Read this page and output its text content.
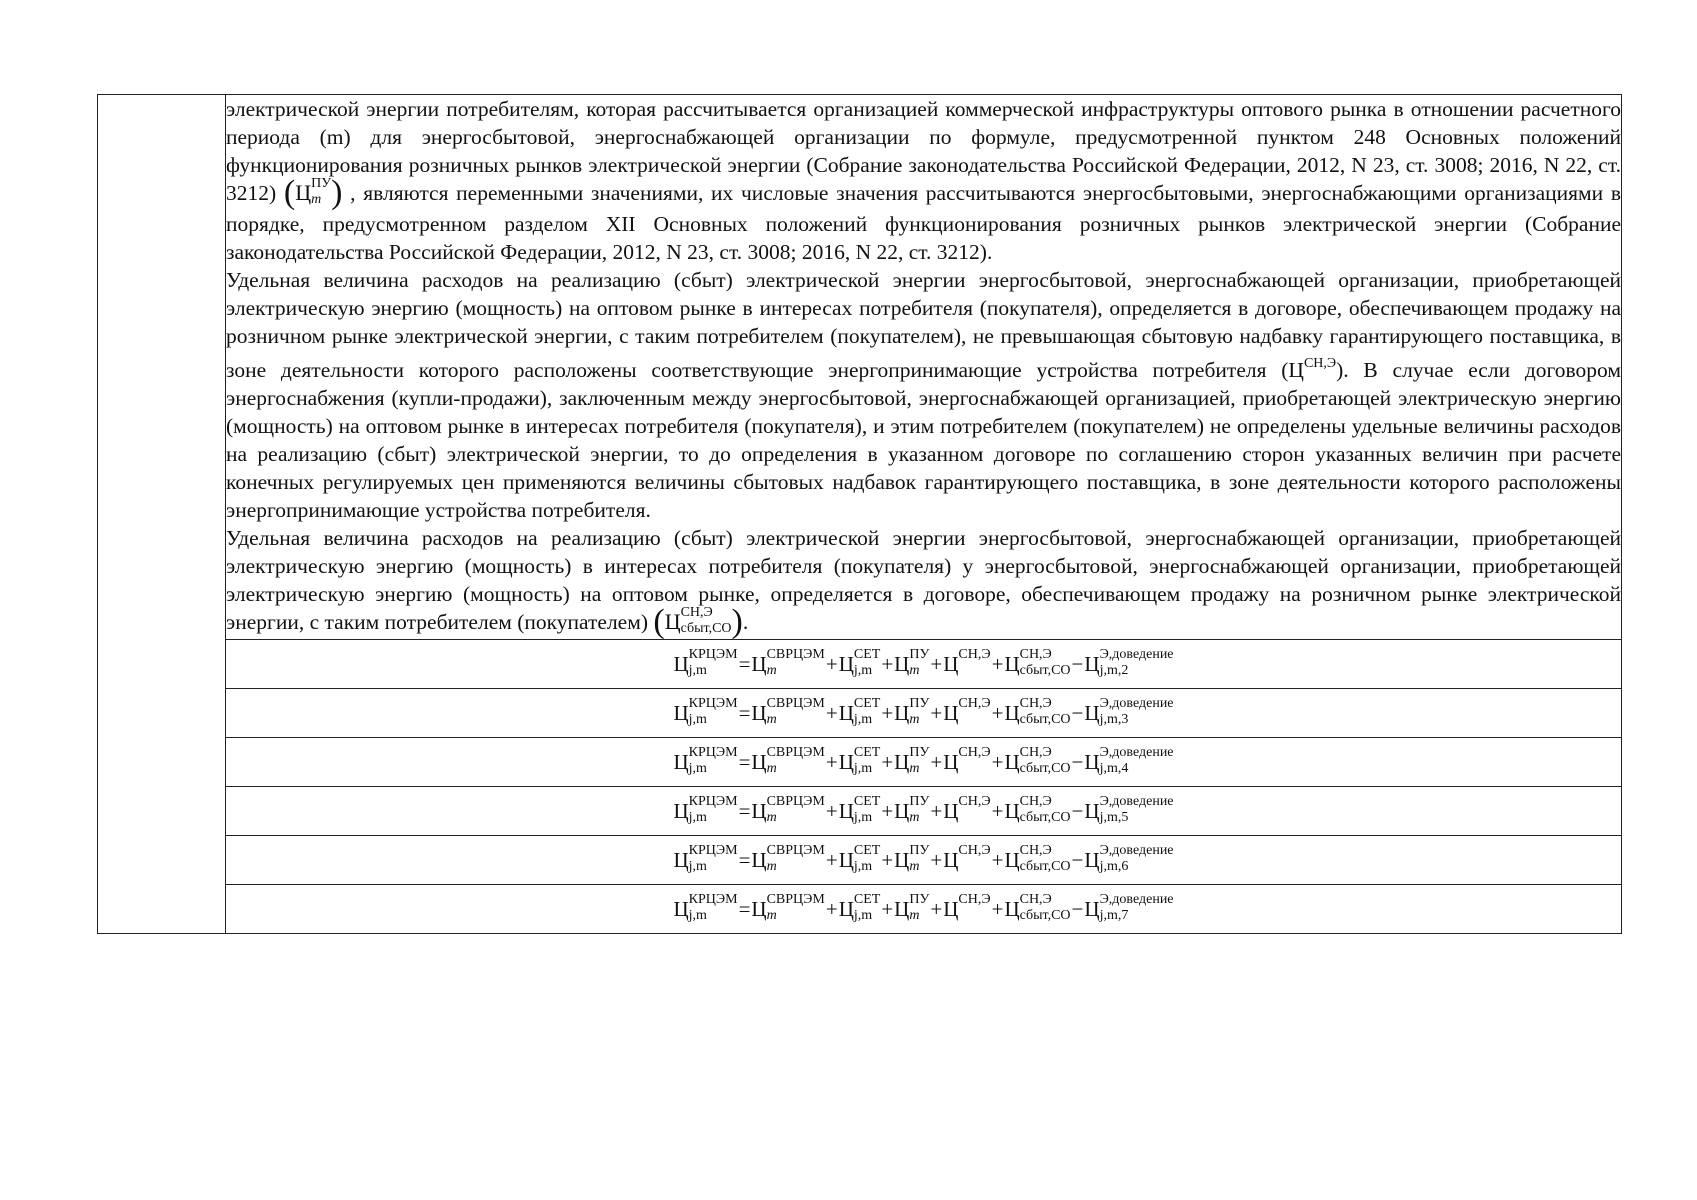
электрической энергии потребителям, которая рассчитывается организацией коммерческой инфраструктуры оптового рынка в отношении расчетного периода (m) для энергосбытовой, энергоснабжающей организации по формуле, предусмотренной пунктом 248 Основных положений функционирования розничных рынков электрической энергии (Собрание законодательства Российской Федерации, 2012, N 23, ст. 3008; 2016, N 22, ст. 3212) (Ц ПУ
m ) , являются переменными значениями, их числовые значения рассчитываются энергосбытовыми, энергоснабжающими организациями в порядке, предусмотренном разделом XII Основных положений функционирования розничных рынков электрической энергии (Собрание законодательства Российской Федерации, 2012, N 23, ст. 3008; 2016, N 22, ст. 3212).

Удельная величина расходов на реализацию (сбыт) электрической энергии энергосбытовой, энергоснабжающей организации, приобретающей электрическую энергию (мощность) на оптовом рынке в интересах потребителя (покупателя), определяется в договоре, обеспечивающем продажу на розничном рынке электрической энергии, с таким потребителем (покупателем), не превышающая сбытовую надбавку гарантирующего поставщика, в зоне деятельности которого расположены соответствующие энергопринимающие устройства потребителя $(Ц^{СН,Э})$. В случае если договором энергоснабжения (купли-продажи), заключенным между энергосбытовой, энергоснабжающей организацией, приобретающей электрическую энергию (мощность) на оптовом рынке в интересах потребителя (покупателя), и этим потребителем (покупателем) не определены удельные величины расходов на реализацию (сбыт) электрической энергии, то до определения в указанном договоре по соглашению сторон указанных величин при расчете конечных регулируемых цен применяются величины сбытовых надбавок гарантирующего поставщика, в зоне деятельности которого расположены энергопринимающие устройства потребителя.

Удельная величина расходов на реализацию (сбыт) электрической энергии энергосбытовой, энергоснабжающей организации, приобретающей электрическую энергию (мощность) в интересах потребителя (покупателя) у энергосбытовой, энергоснабжающей организации, приобретающей электрическую энергию (мощность) на оптовом рынке, определяется в договоре, обеспечивающем продажу на розничном рынке электрической энергии, с таким потребителем (покупателем) (Ц СН,Э
сбыт,СО ).

Ц КРЦЭМ
j,m	=Ц СВРЦЭМ
m	+Ц СЕТ
j,m +Ц ПУ
m +Ц СН,Э
+Ц СН,Э
сбыт,СО −Ц Э,доведение
j,m,2

Ц КРЦЭМ
j,m	=Ц СВРЦЭМ
m	+Ц СЕТ
j,m +Ц ПУ
m +Ц СН,Э
+Ц СН,Э
сбыт,СО −Ц Э,доведение
j,m,3

Ц КРЦЭМ
j,m	=Ц СВРЦЭМ
m	+Ц СЕТ
j,m +Ц ПУ
m +Ц СН,Э
+Ц СН,Э
сбыт,СО −Ц Э,доведение
j,m,4

Ц КРЦЭМ
j,m	=Ц СВРЦЭМ
m	+Ц СЕТ
j,m +Ц ПУ
m +Ц СН,Э
+Ц СН,Э
сбыт,СО −Ц Э,доведение
j,m,5

Ц КРЦЭМ
j,m	=Ц СВРЦЭМ
m	+Ц СЕТ
j,m +Ц ПУ
m +Ц СН,Э
+Ц СН,Э
сбыт,СО −Ц Э,доведение
j,m,6

Ц КРЦЭМ
j,m	=Ц СВРЦЭМ
m	+Ц СЕТ
j,m +Ц ПУ
m +Ц СН,Э
+Ц СН,Э
сбыт,СО −Ц Э,доведение
j,m,7
